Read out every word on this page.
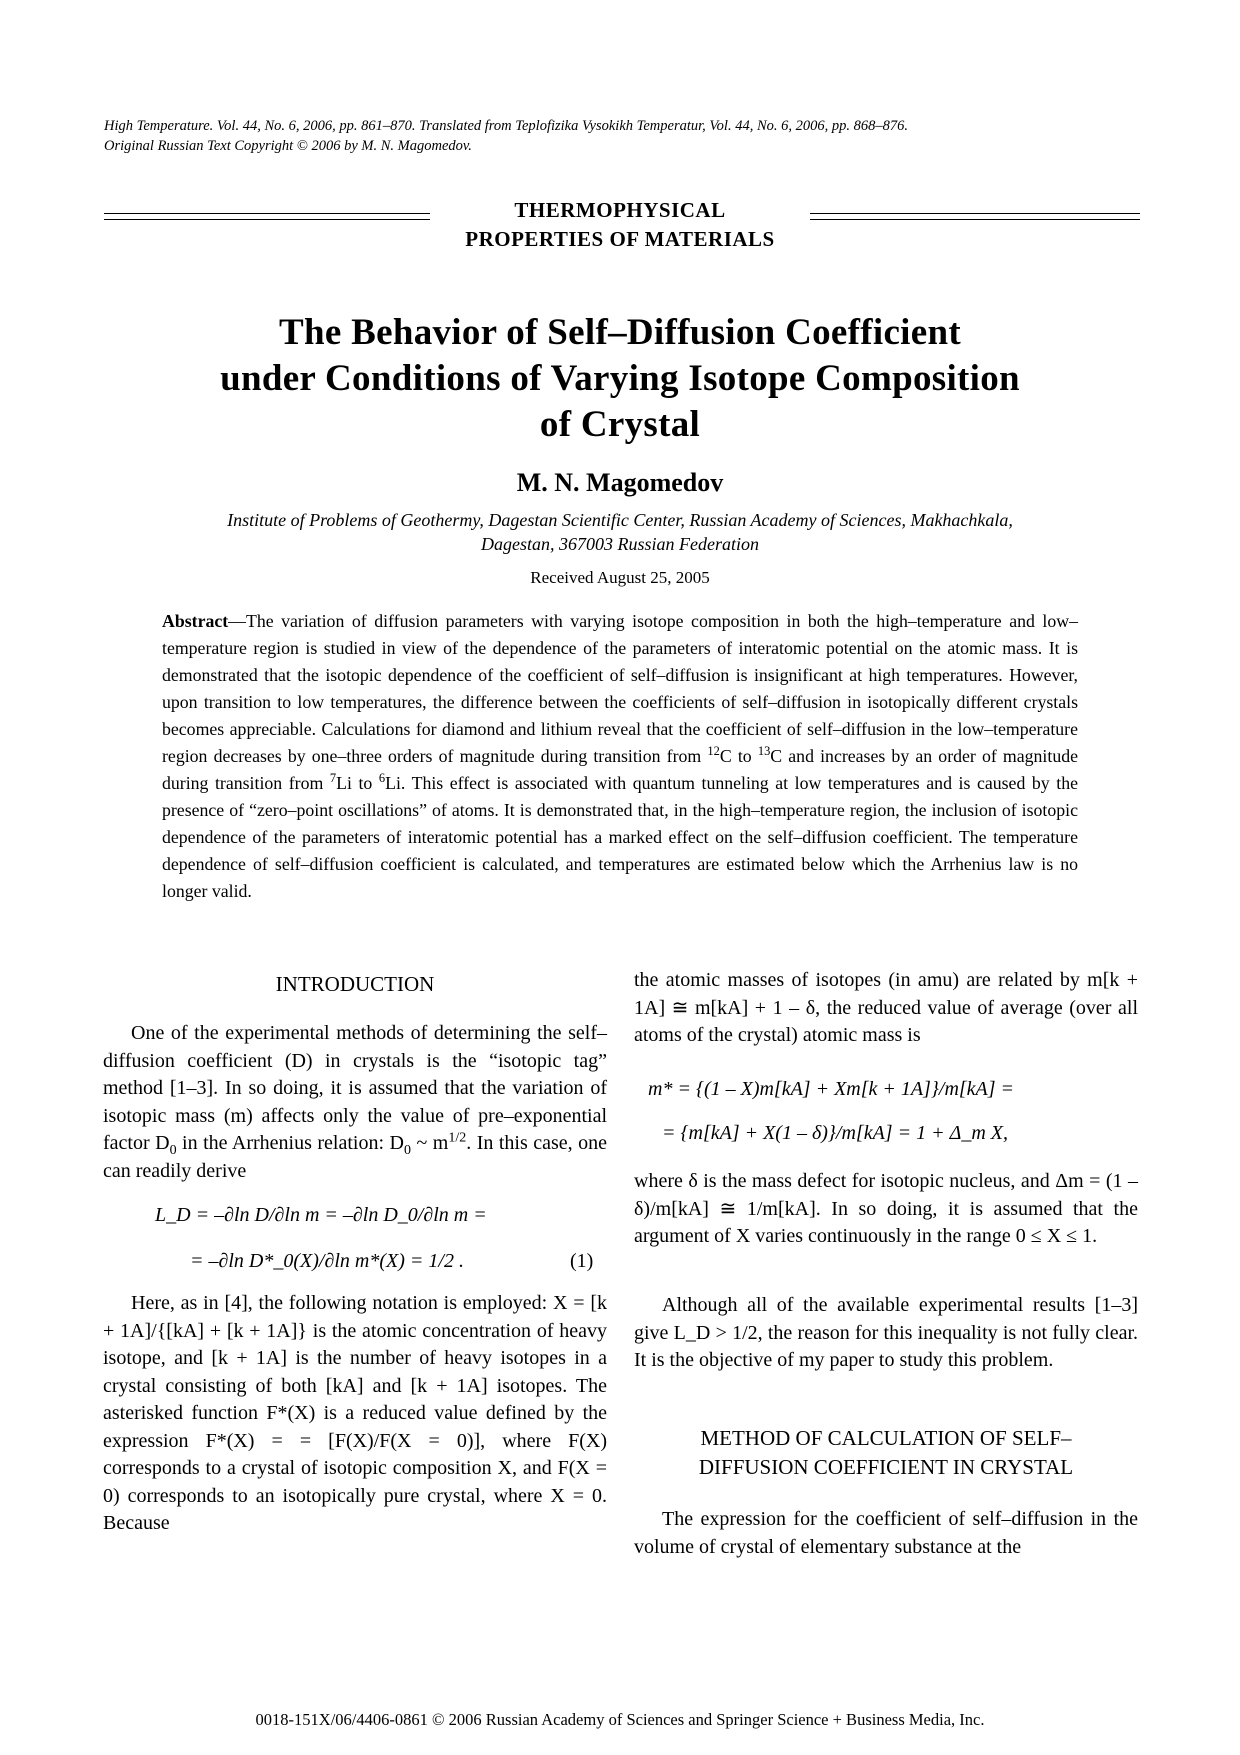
High Temperature. Vol. 44, No. 6, 2006, pp. 861–870. Translated from Teplofizika Vysokikh Temperatur, Vol. 44, No. 6, 2006, pp. 868–876.
Original Russian Text Copyright © 2006 by M. N. Magomedov.
THERMOPHYSICAL
PROPERTIES OF MATERIALS
The Behavior of Self–Diffusion Coefficient
under Conditions of Varying Isotope Composition
of Crystal
M. N. Magomedov
Institute of Problems of Geothermy, Dagestan Scientific Center, Russian Academy of Sciences, Makhachkala,
Dagestan, 367003 Russian Federation
Received August 25, 2005
Abstract—The variation of diffusion parameters with varying isotope composition in both the high–temperature and low–temperature region is studied in view of the dependence of the parameters of interatomic potential on the atomic mass. It is demonstrated that the isotopic dependence of the coefficient of self–diffusion is insignificant at high temperatures. However, upon transition to low temperatures, the difference between the coefficients of self–diffusion in isotopically different crystals becomes appreciable. Calculations for diamond and lithium reveal that the coefficient of self–diffusion in the low–temperature region decreases by one–three orders of magnitude during transition from $^{12}$C to $^{13}$C and increases by an order of magnitude during transition from $^7$Li to $^6$Li. This effect is associated with quantum tunneling at low temperatures and is caused by the presence of “zero–point oscillations” of atoms. It is demonstrated that, in the high–temperature region, the inclusion of isotopic dependence of the parameters of interatomic potential has a marked effect on the self–diffusion coefficient. The temperature dependence of self–diffusion coefficient is calculated, and temperatures are estimated below which the Arrhenius law is no longer valid.
INTRODUCTION
One of the experimental methods of determining the self–diffusion coefficient (D) in crystals is the “isotopic tag” method [1–3]. In so doing, it is assumed that the variation of isotopic mass (m) affects only the value of pre–exponential factor $D_0$ in the Arrhenius relation: $D_0$ ~ $m^{1/2}$. In this case, one can readily derive
L_D = –∂ln D/∂ln m = –∂ln D_0/∂ln m =
= –∂ln D*_0(X)/∂ln m*(X) = 1/2 .	(1)
Here, as in [4], the following notation is employed: X = [k + 1A]/{[kA] + [k + 1A]} is the atomic concentration of heavy isotope, and [k + 1A] is the number of heavy isotopes in a crystal consisting of both [kA] and [k + 1A] isotopes. The asterisked function F*(X) is a reduced value defined by the expression F*(X) = = [F(X)/F(X = 0)], where F(X) corresponds to a crystal of isotopic composition X, and F(X = 0) corresponds to an isotopically pure crystal, where X = 0. Because
the atomic masses of isotopes (in amu) are related by m[k + 1A] ≅ m[kA] + 1 – δ, the reduced value of average (over all atoms of the crystal) atomic mass is
m* = {(1 – X)m[kA] + Xm[k + 1A]}/m[kA] =
= {m[kA] + X(1 – δ)}/m[kA] = 1 + Δ_m X,
where δ is the mass defect for isotopic nucleus, and Δm = (1 – δ)/m[kA] ≅ 1/m[kA]. In so doing, it is assumed that the argument of X varies continuously in the range 0 ≤ X ≤ 1.
Although all of the available experimental results [1–3] give L_D > 1/2, the reason for this inequality is not fully clear. It is the objective of my paper to study this problem.
METHOD OF CALCULATION OF SELF–
DIFFUSION COEFFICIENT IN CRYSTAL
The expression for the coefficient of self–diffusion in the volume of crystal of elementary substance at the
0018-151X/06/4406-0861 © 2006 Russian Academy of Sciences and Springer Science + Business Media, Inc.
